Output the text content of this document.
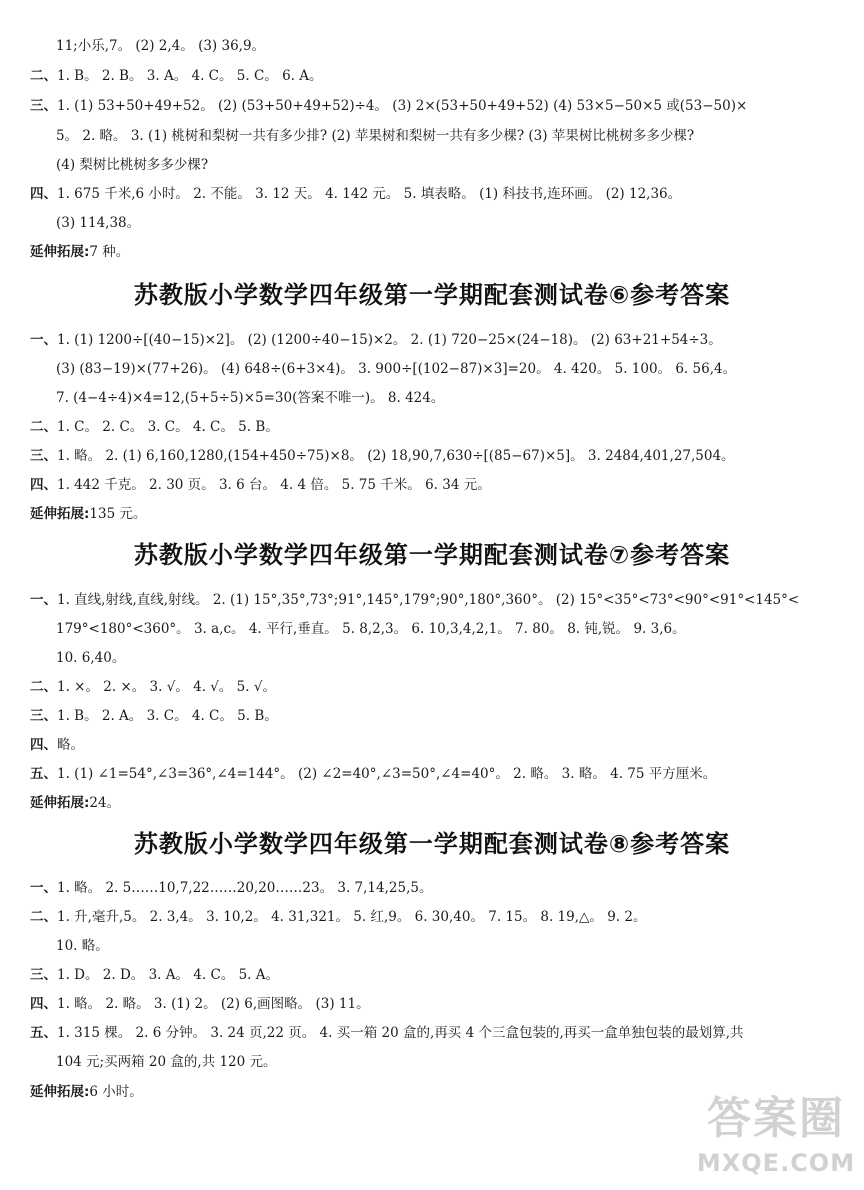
11;小乐,7。 (2) 2,4。 (3) 36,9。
二、1. B。 2. B。 3. A。 4. C。 5. C。 6. A。
三、1. (1) 53+50+49+52。 (2) (53+50+49+52)÷4。 (3) 2×(53+50+49+52) (4) 53×5−50×5 或(53−50)×
5。 2. 略。 3. (1) 桃树和梨树一共有多少排? (2) 苹果树和梨树一共有多少棵? (3) 苹果树比桃树多多少棵?
(4) 梨树比桃树多多少棵?
四、1. 675 千米,6 小时。 2. 不能。 3. 12 天。 4. 142 元。 5. 填表略。 (1) 科技书,连环画。 (2) 12,36。
(3) 114,38。
延伸拓展:7 种。
苏教版小学数学四年级第一学期配套测试卷⑥参考答案
一、1. (1) 1200÷[(40−15)×2]。 (2) (1200÷40−15)×2。 2. (1) 720−25×(24−18)。 (2) 63+21+54÷3。
(3) (83−19)×(77+26)。 (4) 648÷(6+3×4)。 3. 900÷[(102−87)×3]=20。 4. 420。 5. 100。 6. 56,4。
7. (4−4÷4)×4=12,(5+5÷5)×5=30(答案不唯一)。 8. 424。
二、1. C。 2. C。 3. C。 4. C。 5. B。
三、1. 略。 2. (1) 6,160,1280,(154+450÷75)×8。 (2) 18,90,7,630÷[(85−67)×5]。 3. 2484,401,27,504。
四、1. 442 千克。 2. 30 页。 3. 6 台。 4. 4 倍。 5. 75 千米。 6. 34 元。
延伸拓展:135 元。
苏教版小学数学四年级第一学期配套测试卷⑦参考答案
一、1. 直线,射线,直线,射线。 2. (1) 15°,35°,73°;91°,145°,179°;90°,180°,360°。 (2) 15°<35°<73°<90°<91°<145°<
179°<180°<360°。 3. a,c。 4. 平行,垂直。 5. 8,2,3。 6. 10,3,4,2,1。 7. 80。 8. 钝,锐。 9. 3,6。
10. 6,40。
二、1. ×。 2. ×。 3. √。 4. √。 5. √。
三、1. B。 2. A。 3. C。 4. C。 5. B。
四、略。
五、1. (1) ∠1=54°,∠3=36°,∠4=144°。 (2) ∠2=40°,∠3=50°,∠4=40°。 2. 略。 3. 略。 4. 75 平方厘米。
延伸拓展:24。
苏教版小学数学四年级第一学期配套测试卷⑧参考答案
一、1. 略。 2. 5……10,7,22……20,20……23。 3. 7,14,25,5。
二、1. 升,毫升,5。 2. 3,4。 3. 10,2。 4. 31,321。 5. 红,9。 6. 30,40。 7. 15。 8. 19,△。 9. 2。
10. 略。
三、1. D。 2. D。 3. A。 4. C。 5. A。
四、1. 略。 2. 略。 3. (1) 2。 (2) 6,画图略。 (3) 11。
五、1. 315 棵。 2. 6 分钟。 3. 24 页,22 页。 4. 买一箱 20 盒的,再买 4 个三盒包装的,再买一盒单独包装的最划算,共
104 元;买两箱 20 盒的,共 120 元。
延伸拓展:6 小时。
答案圈
MXQE.COM
